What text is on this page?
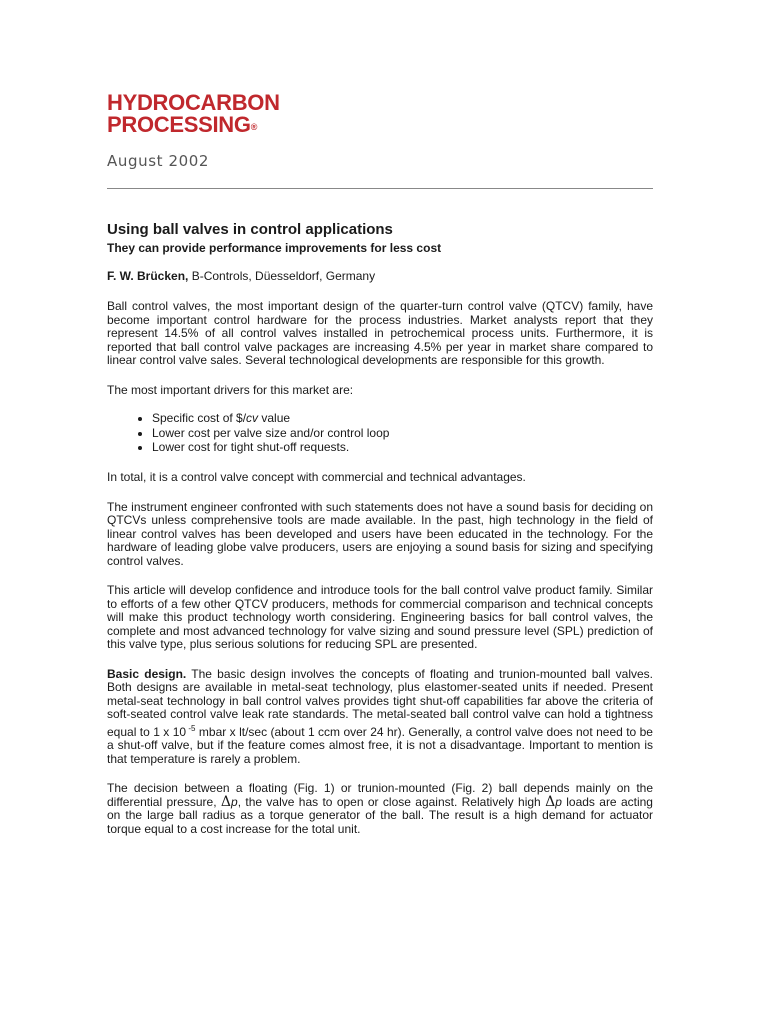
HYDROCARBON
PROCESSING®
August 2002
Using ball valves in control applications
They can provide performance improvements for less cost
F. W. Brücken, B-Controls, Düesseldorf, Germany

Ball control valves, the most important design of the quarter-turn control valve (QTCV) family, have become important control hardware for the process industries. Market analysts report that they represent 14.5% of all control valves installed in petrochemical process units. Furthermore, it is reported that ball control valve packages are increasing 4.5% per year in market share compared to linear control valve sales. Several technological developments are responsible for this growth.

The most important drivers for this market are:

• Specific cost of $/cv value
• Lower cost per valve size and/or control loop
• Lower cost for tight shut-off requests.

In total, it is a control valve concept with commercial and technical advantages.

The instrument engineer confronted with such statements does not have a sound basis for deciding on QTCVs unless comprehensive tools are made available. In the past, high technology in the field of linear control valves has been developed and users have been educated in the technology. For the hardware of leading globe valve producers, users are enjoying a sound basis for sizing and specifying control valves.

This article will develop confidence and introduce tools for the ball control valve product family. Similar to efforts of a few other QTCV producers, methods for commercial comparison and technical concepts will make this product technology worth considering. Engineering basics for ball control valves, the complete and most advanced technology for valve sizing and sound pressure level (SPL) prediction of this valve type, plus serious solutions for reducing SPL are presented.

Basic design. The basic design involves the concepts of floating and trunion-mounted ball valves. Both designs are available in metal-seat technology, plus elastomer-seated units if needed. Present metal-seat technology in ball control valves provides tight shut-off capabilities far above the criteria of soft-seated control valve leak rate standards. The metal-seated ball control valve can hold a tightness equal to 1 x 10 $^{-5}$ mbar x lt/sec (about 1 ccm over 24 hr). Generally, a control valve does not need to be a shut-off valve, but if the feature comes almost free, it is not a disadvantage. Important to mention is that temperature is rarely a problem.

The decision between a floating (Fig. 1) or trunion-mounted (Fig. 2) ball depends mainly on the differential pressure, Δp, the valve has to open or close against. Relatively high Δp loads are acting on the large ball radius as a torque generator of the ball. The result is a high demand for actuator torque equal to a cost increase for the total unit.
